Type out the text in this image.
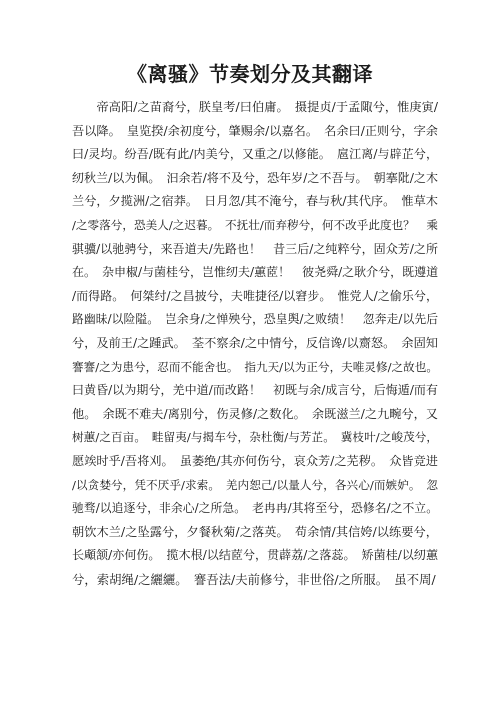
《离骚》节奏划分及其翻译
　　帝高阳/之苗裔兮，朕皇考/曰伯庸。　摄提贞/于孟陬兮，惟庚寅/
吾以降。　皇览揆/余初度兮，肇赐余/以嘉名。　名余曰/正则兮，字余
曰/灵均。纷吾/既有此/内美兮，又重之/以修能。　扈江离/与辟芷兮，
纫秋兰/以为佩。　汩余若/将不及兮，恐年岁/之不吾与。　朝搴阰/之木
兰兮，夕揽洲/之宿莽。　日月忽/其不淹兮，春与秋/其代序。　惟草木
/之零落兮，恐美人/之迟暮。　不抚壮/而弃秽兮，何不改乎此度也？　乘
骐骥/以驰骋兮，来吾道夫/先路也！　昔三后/之纯粹兮，固众芳/之所
在。　杂申椒/与菌桂兮，岂惟纫夫/蕙茝！　彼尧舜/之耿介兮，既遵道
/而得路。　何桀纣/之昌披兮，夫唯捷径/以窘步。　惟党人/之偷乐兮，
路幽昧/以险隘。　岂余身/之惮殃兮，恐皇舆/之败绩！　忽奔走/以先后
兮，及前王/之踵武。　荃不察余/之中情兮，反信谗/以齌怒。　余固知
謇謇/之为患兮，忍而不能舍也。　指九天/以为正兮，夫唯灵修/之故也。
曰黄昏/以为期兮，羌中道/而改路！　初既与余/成言兮，后悔遁/而有
他。　余既不难夫/离别兮，伤灵修/之数化。　余既滋兰/之九畹兮，又
树蕙/之百亩。　畦留夷/与揭车兮，杂杜衡/与芳芷。　冀枝叶/之峻茂兮，
愿竢时乎/吾将刈。　虽萎绝/其亦何伤兮，哀众芳/之芜秽。　众皆竞进
/以贪婪兮，凭不厌乎/求索。　羌内恕己/以量人兮，各兴心/而嫉妒。　忽
驰骛/以追逐兮，非余心/之所急。　老冉冉/其将至兮，恐修名/之不立。
朝饮木兰/之坠露兮，夕餐秋菊/之落英。　苟余情/其信姱/以练要兮，
长顑颔/亦何伤。　揽木根/以结茝兮，贯薜荔/之落蕊。　矫菌桂/以纫蕙
兮，索胡绳/之纚纚。　謇吾法/夫前修兮，非世俗/之所服。　虽不周/
